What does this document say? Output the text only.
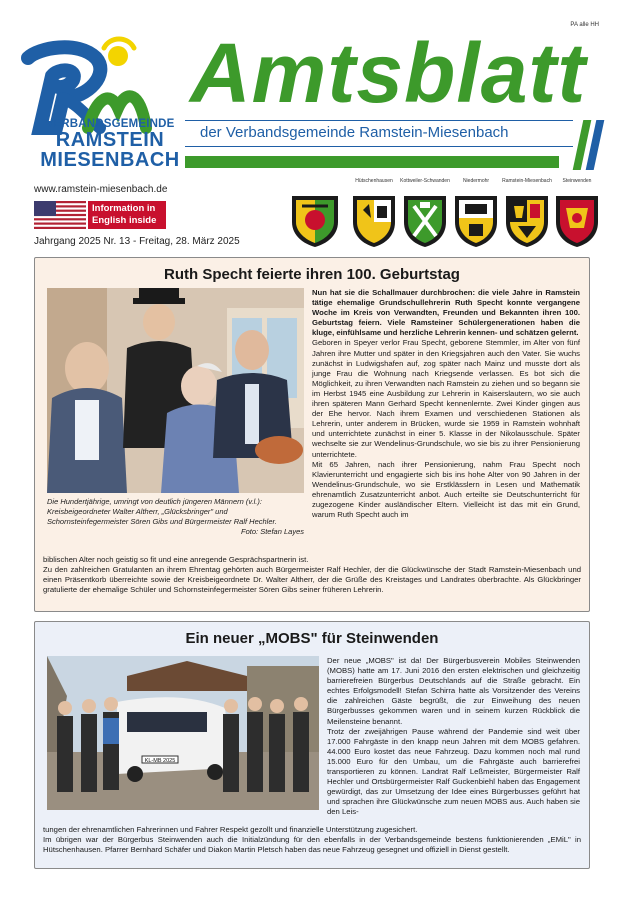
PA alle HH
VERBANDSGEMEINDE
RAMSTEIN
MIESENBACH
www.ramstein-miesenbach.de
Information in English inside
Jahrgang 2025 Nr. 13 - Freitag, 28. März 2025
Amtsblatt
der Verbandsgemeinde Ramstein-Miesenbach
Hütschenhausen	Kottweiler-Schwanden	Niedermohr	Ramstein-Miesenbach	Steinwenden
Ruth Specht feierte ihren 100. Geburtstag
Die Hundertjährige, umringt von deutlich jüngeren Männern (v.l.): Kreisbeigeordneter Walter Altherr, „Glücksbringer" und Schornsteinfegermeister Sören Gibs und Bürgermeister Ralf Hechler.
Foto: Stefan Layes

Nun hat sie die Schallmauer durchbrochen: die viele Jahre in Ramstein tätige ehemalige Grundschullehrerin Ruth Specht konnte vergangene Woche im Kreis von Verwandten, Freunden und Bekannten ihren 100. Geburtstag feiern. Viele Ramsteiner Schülergenerationen haben die kluge, einfühlsame und herzliche Lehrerin kennen- und schätzen gelernt.

Geboren in Speyer verlor Frau Specht, geborene Stemmler, im Alter von fünf Jahren ihre Mutter und später in den Kriegsjahren auch den Vater. Sie wuchs zunächst in Ludwigshafen auf, zog später nach Mainz und musste dort als junge Frau die Wohnung nach Kriegsende verlassen. Es bot sich die Möglichkeit, zu ihren Verwandten nach Ramstein zu ziehen und so begann sie im Herbst 1945 eine Ausbildung zur Lehrerin in Kaiserslautern, wo sie auch ihren späteren Mann Gerhard Specht kennenlernte. Zwei Kinder gingen aus der Ehe hervor. Nach ihrem Examen und verschiedenen Stationen als Lehrerin, unter anderem in Brücken, wurde sie 1959 in Ramstein wohnhaft und unterrichtete zunächst in einer 5. Klasse in der Nikolausschule. Später wechselte sie zur Wendelinus-Grundschule, wo sie bis zu ihrer Pensionierung unterrichtete.

Mit 65 Jahren, nach ihrer Pensionierung, nahm Frau Specht noch Klavierunterricht und engagierte sich bis ins hohe Alter von 90 Jahren in der Wendelinus-Grundschule, wo sie Erstklässlern in Lesen und Mathematik ehrenamtlich Zusatzunterricht anbot. Auch erteilte sie Deutschunterricht für zugezogene Kinder ausländischer Eltern. Vielleicht ist das mit ein Grund, warum Ruth Specht auch im

biblischen Alter noch geistig so fit und eine anregende Gesprächspartnerin ist.

Zu den zahlreichen Gratulanten an ihrem Ehrentag gehörten auch Bürgermeister Ralf Hechler, der die Glückwünsche der Stadt Ramstein-Miesenbach und einen Präsentkorb überreichte sowie der Kreisbeigeordnete Dr. Walter Altherr, der die Grüße des Kreistages und Landrates überbrachte. Als Glückbringer gratulierte der ehemalige Schüler und Schornsteinfegermeister Sören Gibs seiner früheren Lehrerin.

Ein neuer „MOBS" für Steinwenden
KL-MB 2025

Der neue „MOBS" ist da! Der Bürgerbusverein Mobiles Steinwenden (MOBS) hatte am 17. Juni 2016 den ersten elektrischen und gleichzeitig barrierefreien Bürgerbus Deutschlands auf die Straße gebracht. Ein echtes Erfolgsmodell! Stefan Schirra hatte als Vorsitzender des Vereins die zahlreichen Gäste begrüßt, die zur Einweihung des neuen Bürgerbusses gekommen waren und in seinem kurzen Rückblick die Meilensteine benannt.

Trotz der zweijährigen Pause während der Pandemie sind weit über 17.000 Fahrgäste in den knapp neun Jahren mit dem MOBS gefahren. 44.000 Euro kostet das neue Fahrzeug. Dazu kommen noch mal rund 15.000 Euro für den Umbau, um die Fahrgäste auch barrierefrei transportieren zu können. Landrat Ralf Leßmeister, Bürgermeister Ralf Hechler und Ortsbürgermeister Ralf Guckenbiehl haben das Engagement gewürdigt, das zur Umsetzung der Idee eines Bürgerbusses geführt hat und sprachen ihre Glückwünsche zum neuen MOBS aus. Auch haben sie den Leis-

tungen der ehrenamtlichen Fahrerinnen und Fahrer Respekt gezollt und finanzielle Unterstützung zugesichert.

Im übrigen war der Bürgerbus Steinwenden auch die Initialzündung für den ebenfalls in der Verbandsgemeinde bestens funktionierenden „EMiL" in Hütschenhausen. Pfarrer Bernhard Schäfer und Diakon Martin Pletsch haben das neue Fahrzeug gesegnet und offiziell in Dienst gestellt.
